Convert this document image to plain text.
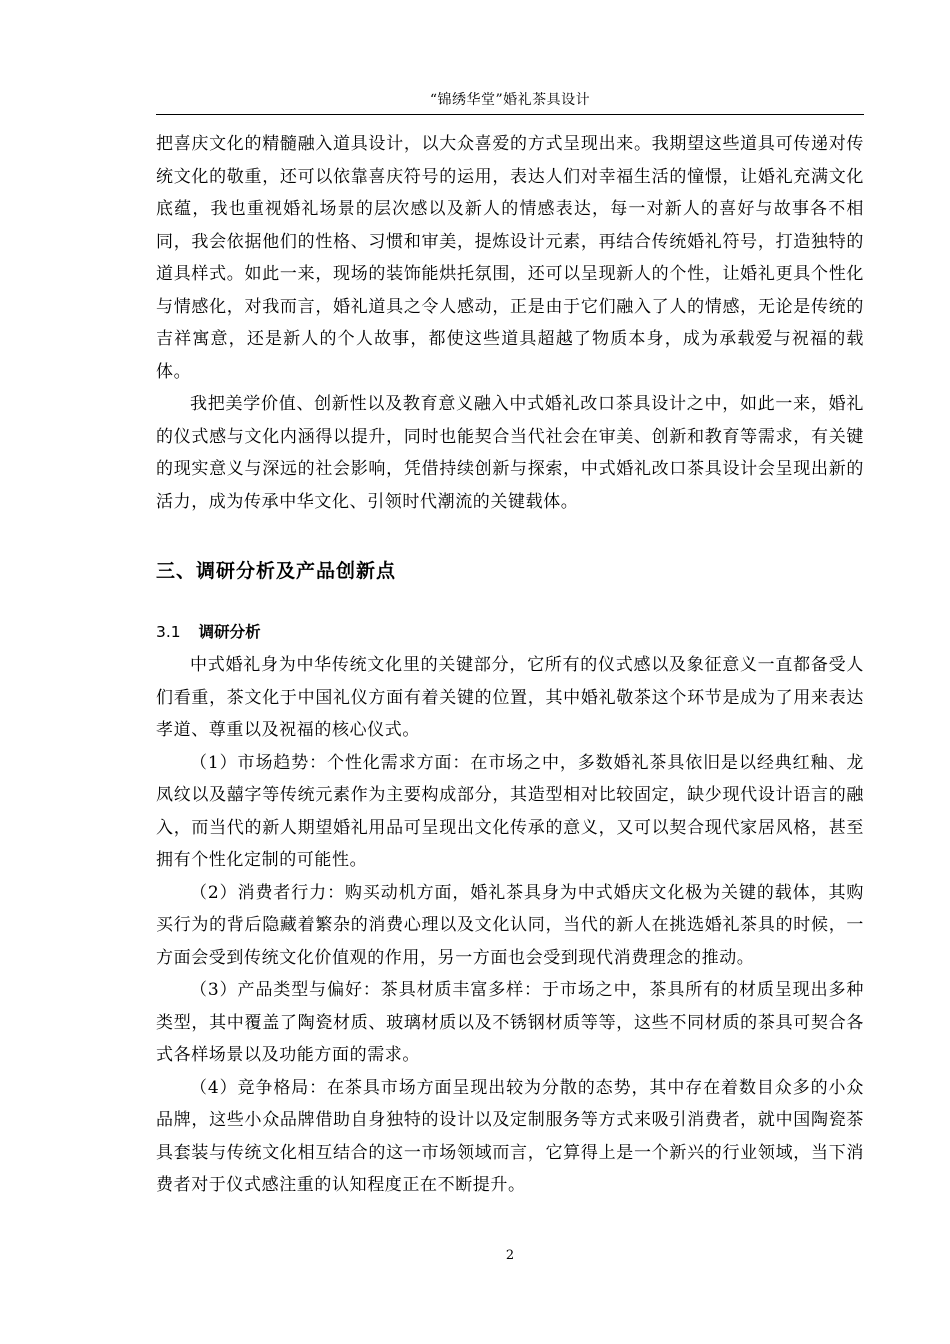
“锦绣华堂”婚礼茶具设计

把喜庆文化的精髓融入道具设计，以大众喜爱的方式呈现出来。我期望这些道具可传递对传统文化的敬重，还可以依靠喜庆符号的运用，表达人们对幸福生活的憧憬，让婚礼充满文化底蕴，我也重视婚礼场景的层次感以及新人的情感表达，每一对新人的喜好与故事各不相同，我会依据他们的性格、习惯和审美，提炼设计元素，再结合传统婚礼符号，打造独特的道具样式。如此一来，现场的装饰能烘托氛围，还可以呈现新人的个性，让婚礼更具个性化与情感化，对我而言，婚礼道具之令人感动，正是由于它们融入了人的情感，无论是传统的吉祥寓意，还是新人的个人故事，都使这些道具超越了物质本身，成为承载爱与祝福的载体。

我把美学价值、创新性以及教育意义融入中式婚礼改口茶具设计之中，如此一来，婚礼的仪式感与文化内涵得以提升，同时也能契合当代社会在审美、创新和教育等需求，有关键的现实意义与深远的社会影响，凭借持续创新与探索，中式婚礼改口茶具设计会呈现出新的活力，成为传承中华文化、引领时代潮流的关键载体。

三、调研分析及产品创新点
3.1 调研分析

中式婚礼身为中华传统文化里的关键部分，它所有的仪式感以及象征意义一直都备受人们看重，茶文化于中国礼仪方面有着关键的位置，其中婚礼敬茶这个环节是成为了用来表达孝道、尊重以及祝福的核心仪式。

（1）市场趋势：个性化需求方面：在市场之中，多数婚礼茶具依旧是以经典红釉、龙凤纹以及囍字等传统元素作为主要构成部分，其造型相对比较固定，缺少现代设计语言的融入，而当代的新人期望婚礼用品可呈现出文化传承的意义，又可以契合现代家居风格，甚至拥有个性化定制的可能性。

（2）消费者行力：购买动机方面，婚礼茶具身为中式婚庆文化极为关键的载体，其购买行为的背后隐藏着繁杂的消费心理以及文化认同，当代的新人在挑选婚礼茶具的时候，一方面会受到传统文化价值观的作用，另一方面也会受到现代消费理念的推动。

（3）产品类型与偏好：茶具材质丰富多样：于市场之中，茶具所有的材质呈现出多种类型，其中覆盖了陶瓷材质、玻璃材质以及不锈钢材质等等，这些不同材质的茶具可契合各式各样场景以及功能方面的需求。

（4）竞争格局：在茶具市场方面呈现出较为分散的态势，其中存在着数目众多的小众品牌，这些小众品牌借助自身独特的设计以及定制服务等方式来吸引消费者，就中国陶瓷茶具套装与传统文化相互结合的这一市场领域而言，它算得上是一个新兴的行业领域，当下消费者对于仪式感注重的认知程度正在不断提升。

2
